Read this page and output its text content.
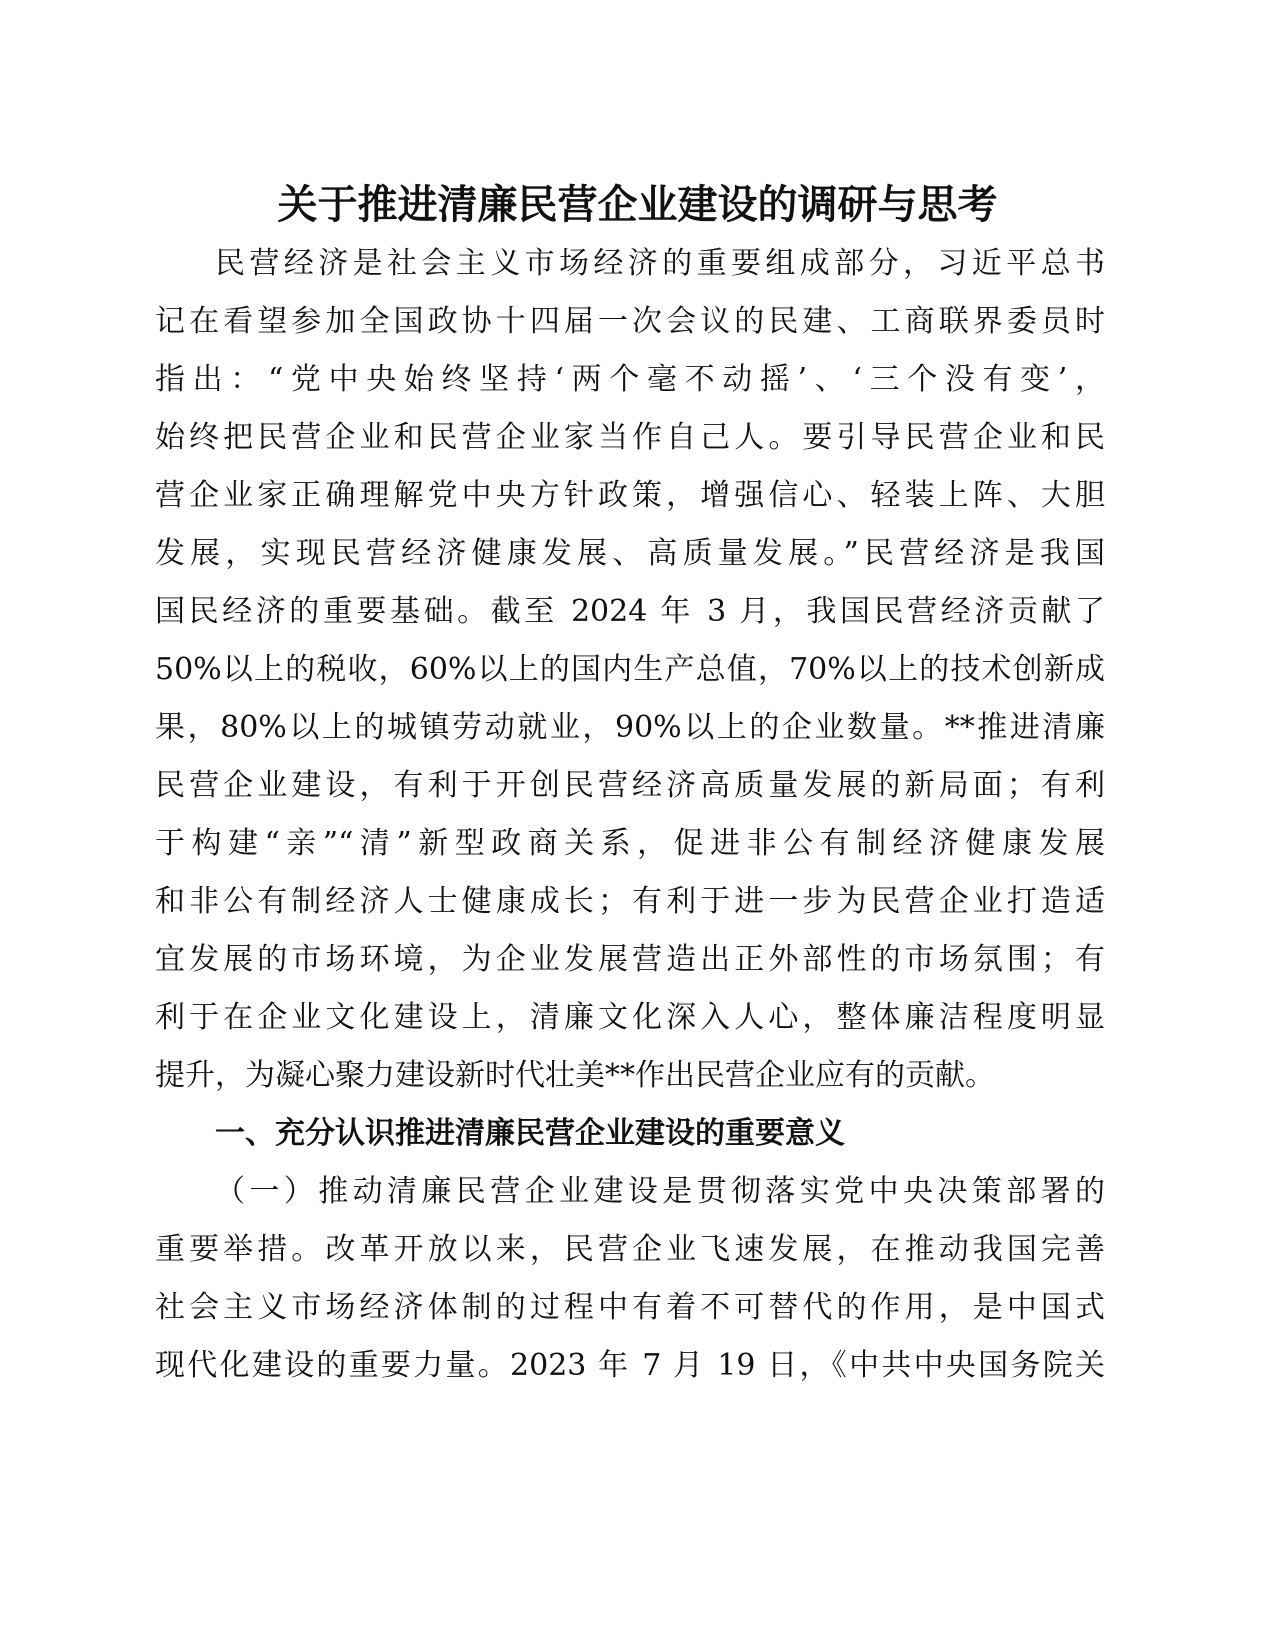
关于推进清廉民营企业建设的调研与思考
民营经济是社会主义市场经济的重要组成部分，习近平总书
记在看望参加全国政协十四届一次会议的民建、工商联界委员时
指出：“党中央始终坚持‘两个毫不动摇’、‘三个没有变’，
始终把民营企业和民营企业家当作自己人。要引导民营企业和民
营企业家正确理解党中央方针政策，增强信心、轻装上阵、大胆
发展，实现民营经济健康发展、高质量发展。”民营经济是我国
国民经济的重要基础。截至 2024 年 3 月，我国民营经济贡献了
50%以上的税收，60%以上的国内生产总值，70%以上的技术创新成
果，80%以上的城镇劳动就业，90%以上的企业数量。**推进清廉
民营企业建设，有利于开创民营经济高质量发展的新局面；有利
于构建“亲”“清”新型政商关系，促进非公有制经济健康发展
和非公有制经济人士健康成长；有利于进一步为民营企业打造适
宜发展的市场环境，为企业发展营造出正外部性的市场氛围；有
利于在企业文化建设上，清廉文化深入人心，整体廉洁程度明显
提升，为凝心聚力建设新时代壮美**作出民营企业应有的贡献。
一、充分认识推进清廉民营企业建设的重要意义
（一）推动清廉民营企业建设是贯彻落实党中央决策部署的
重要举措。改革开放以来，民营企业飞速发展，在推动我国完善
社会主义市场经济体制的过程中有着不可替代的作用，是中国式
现代化建设的重要力量。2023 年 7 月 19 日，《中共中央国务院关
